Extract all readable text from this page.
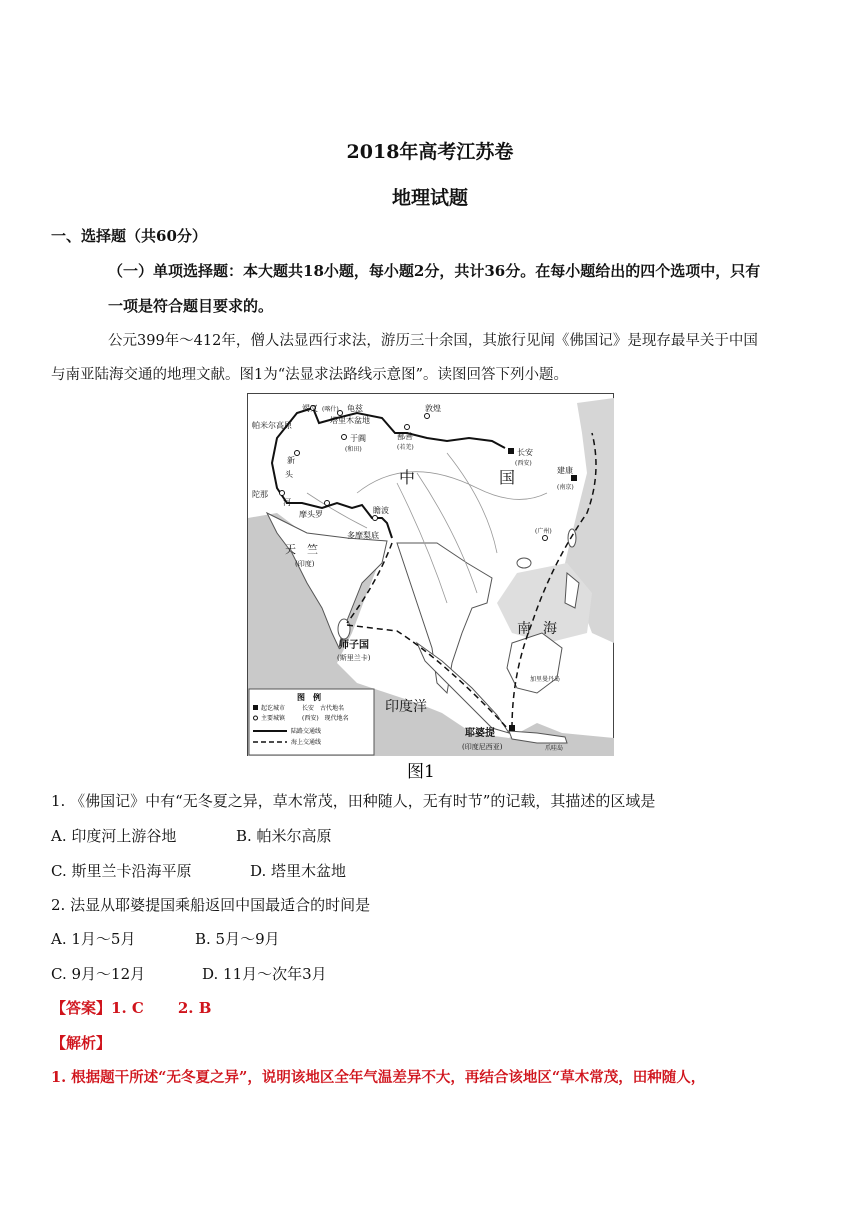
2018年高考江苏卷
地理试题
一、选择题（共60分）
（一）单项选择题：本大题共18小题，每小题2分，共计36分。在每小题给出的四个选项中，只有
一项是符合题目要求的。
公元399年～412年，僧人法显西行求法，游历三十余国，其旅行见闻《佛国记》是现存最早关于中国
与南亚陆海交通的地理文献。图1为“法显求法路线示意图”。读图回答下列小题。
帕米尔高原
竭叉 (喀什) 龟兹
塔里木盆地
于阗
(和田)
敦煌
鄯善
(若羌)
长安
(西安)
建康
(南京)
(广州)
中	国
新
头
河
陀那
摩头罗	瞻波
多摩梨底
天　竺
(印度)
师子国
(斯里兰卡)
南 海
加里曼丹岛
印度洋
耶婆提
(印度尼西亚)	爪哇岛
图　例
起讫城市
主要城镇
长安　古代地名
(西安)　现代地名
陆路交通线
海上交通线
图1
1. 《佛国记》中有“无冬夏之异，草木常茂，田种随人，无有时节”的记载，其描述的区域是
A. 印度河上游谷地	B. 帕米尔高原
C. 斯里兰卡沿海平原	D. 塔里木盆地
2. 法显从耶婆提国乘船返回中国最适合的时间是
A. 1月～5月	B. 5月～9月
C. 9月～12月	D. 11月～次年3月
【答案】1. C 2. B
【解析】
1. 根据题干所述“无冬夏之异”，说明该地区全年气温差异不大，再结合该地区“草木常茂，田种随人，
